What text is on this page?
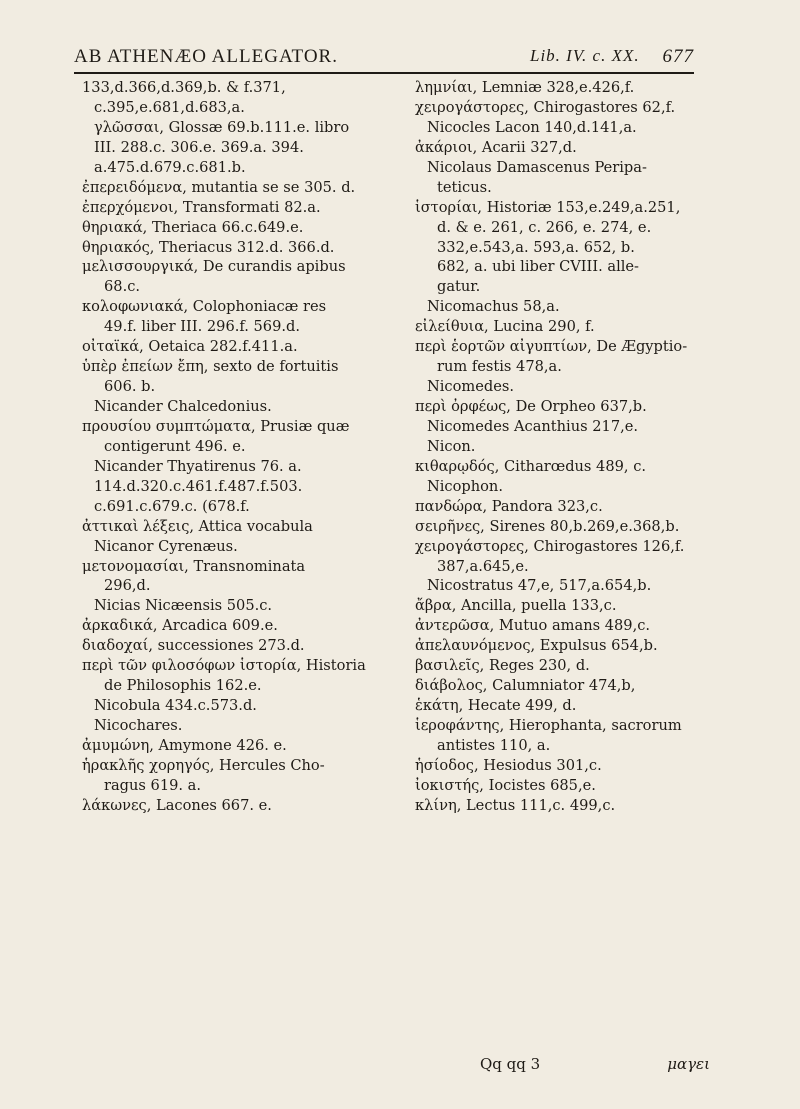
AB ATHENÆO ALLEGATOR.	Lib. IV. c. XX. 677
133,d.366,d.369,b. & f.371,
c.395,e.681,d.683,a.
γλῶσσαι, Glossæ 69.b.111.e. libro
III. 288.c. 306.e. 369.a. 394.
a.475.d.679.c.681.b.
ἐπερειδόμενα, mutantia se se 305. d.
ἐπερχόμενοι, Transformati 82.a.
θηριακά, Theriaca 66.c.649.e.
θηριακός, Theriacus 312.d. 366.d.
μελισσουργικά, De curandis apibus
68.c.
κολοφωνιακά, Colophoniacæ res
49.f. liber III. 296.f. 569.d.
οἰταϊκά, Oetaica 282.f.411.a.
ὑπὲρ ἐπείων ἔπη, sexto de fortuitis
606. b.
Nicander Chalcedonius.
προυσίου συμπτώματα, Prusiæ quæ
contigerunt 496. e.
Nicander Thyatirenus 76. a.
114.d.320.c.461.f.487.f.503.
c.691.c.679.c. (678.f.
ἀττικαὶ λέξεις, Attica vocabula
Nicanor Cyrenæus.
μετονομασίαι, Transnominata
296,d.
Nicias Nicæensis 505.c.
ἀρκαδικά, Arcadica 609.e.
διαδοχαί, successiones 273.d.
περὶ τῶν φιλοσόφων ἱστορία, Historia
de Philosophis 162.e.
Nicobula 434.c.573.d.
Nicochares.
ἀμυμώνη, Amymone 426. e.
ἡρακλῆς χορηγός, Hercules Cho-
ragus 619. a.
λάκωνες, Lacones 667. e.
λημνίαι, Lemniæ 328,e.426,f.
χειρογάστορες, Chirogastores 62,f.
Nicocles Lacon 140,d.141,a.
ἀκάριοι, Acarii 327,d.
Nicolaus Damascenus Peripa-
teticus.
ἱστορίαι, Historiæ 153,e.249,a.251,
d. & e. 261, c. 266, e. 274, e.
332,e.543,a. 593,a. 652, b.
682, a. ubi liber CVIII. alle-
gatur.
Nicomachus 58,a.
εἰλείθυια, Lucina 290, f.
περὶ ἑορτῶν αἰγυπτίων, De Ægyptio-
rum festis 478,a.
Nicomedes.
περὶ ὀρφέως, De Orpheo 637,b.
Nicomedes Acanthius 217,e.
Nicon.
κιθαρῳδός, Citharœdus 489, c.
Nicophon.
πανδώρα, Pandora 323,c.
σειρῆνες, Sirenes 80,b.269,e.368,b.
χειρογάστορες, Chirogastores 126,f.
387,a.645,e.
Nicostratus 47,e, 517,a.654,b.
ἄβρα, Ancilla, puella 133,c.
ἀντερῶσα, Mutuo amans 489,c.
ἀπελαυνόμενος, Expulsus 654,b.
βασιλεῖς, Reges 230, d.
διάβολος, Calumniator 474,b,
ἑκάτη, Hecate 499, d.
ἱεροφάντης, Hierophanta, sacrorum
antistes 110, a.
ἡσίοδος, Hesiodus 301,c.
ἰοκιστής, Iocistes 685,e.
κλίνη, Lectus 111,c. 499,c.
Qq qq 3	μαγει
